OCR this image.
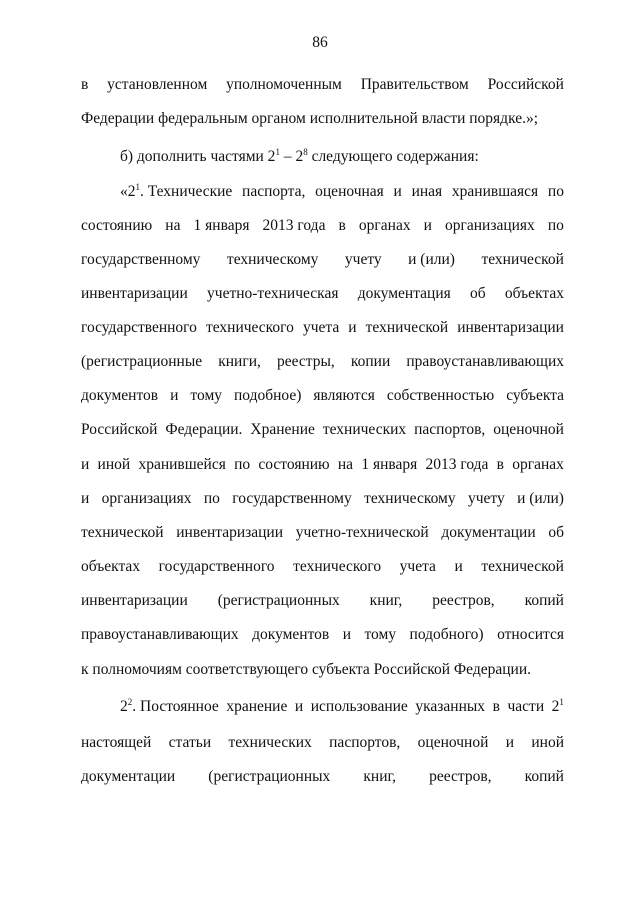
86
в установленном уполномоченным Правительством Российской
Федерации федеральным органом исполнительной власти порядке.»;
б) дополнить частями $2^1 - 2^8$ следующего содержания:
«$2^1$. Технические паспорта, оценочная и иная хранившаяся по
состоянию на 1 января 2013 года в органах и организациях по
государственному техническому учету и (или) технической
инвентаризации учетно-техническая документация об объектах
государственного технического учета и технической инвентаризации
(регистрационные книги, реестры, копии правоустанавливающих
документов и тому подобное) являются собственностью субъекта
Российской Федерации. Хранение технических паспортов, оценочной
и иной хранившейся по состоянию на 1 января 2013 года в органах
и организациях по государственному техническому учету и (или)
технической инвентаризации учетно-технической документации об
объектах государственного технического учета и технической
инвентаризации (регистрационных книг, реестров, копий
правоустанавливающих документов и тому подобного) относится
к полномочиям соответствующего субъекта Российской Федерации.
$2^2$. Постоянное хранение и использование указанных в части $2^1$
настоящей статьи технических паспортов, оценочной и иной
документации (регистрационных книг, реестров, копий
